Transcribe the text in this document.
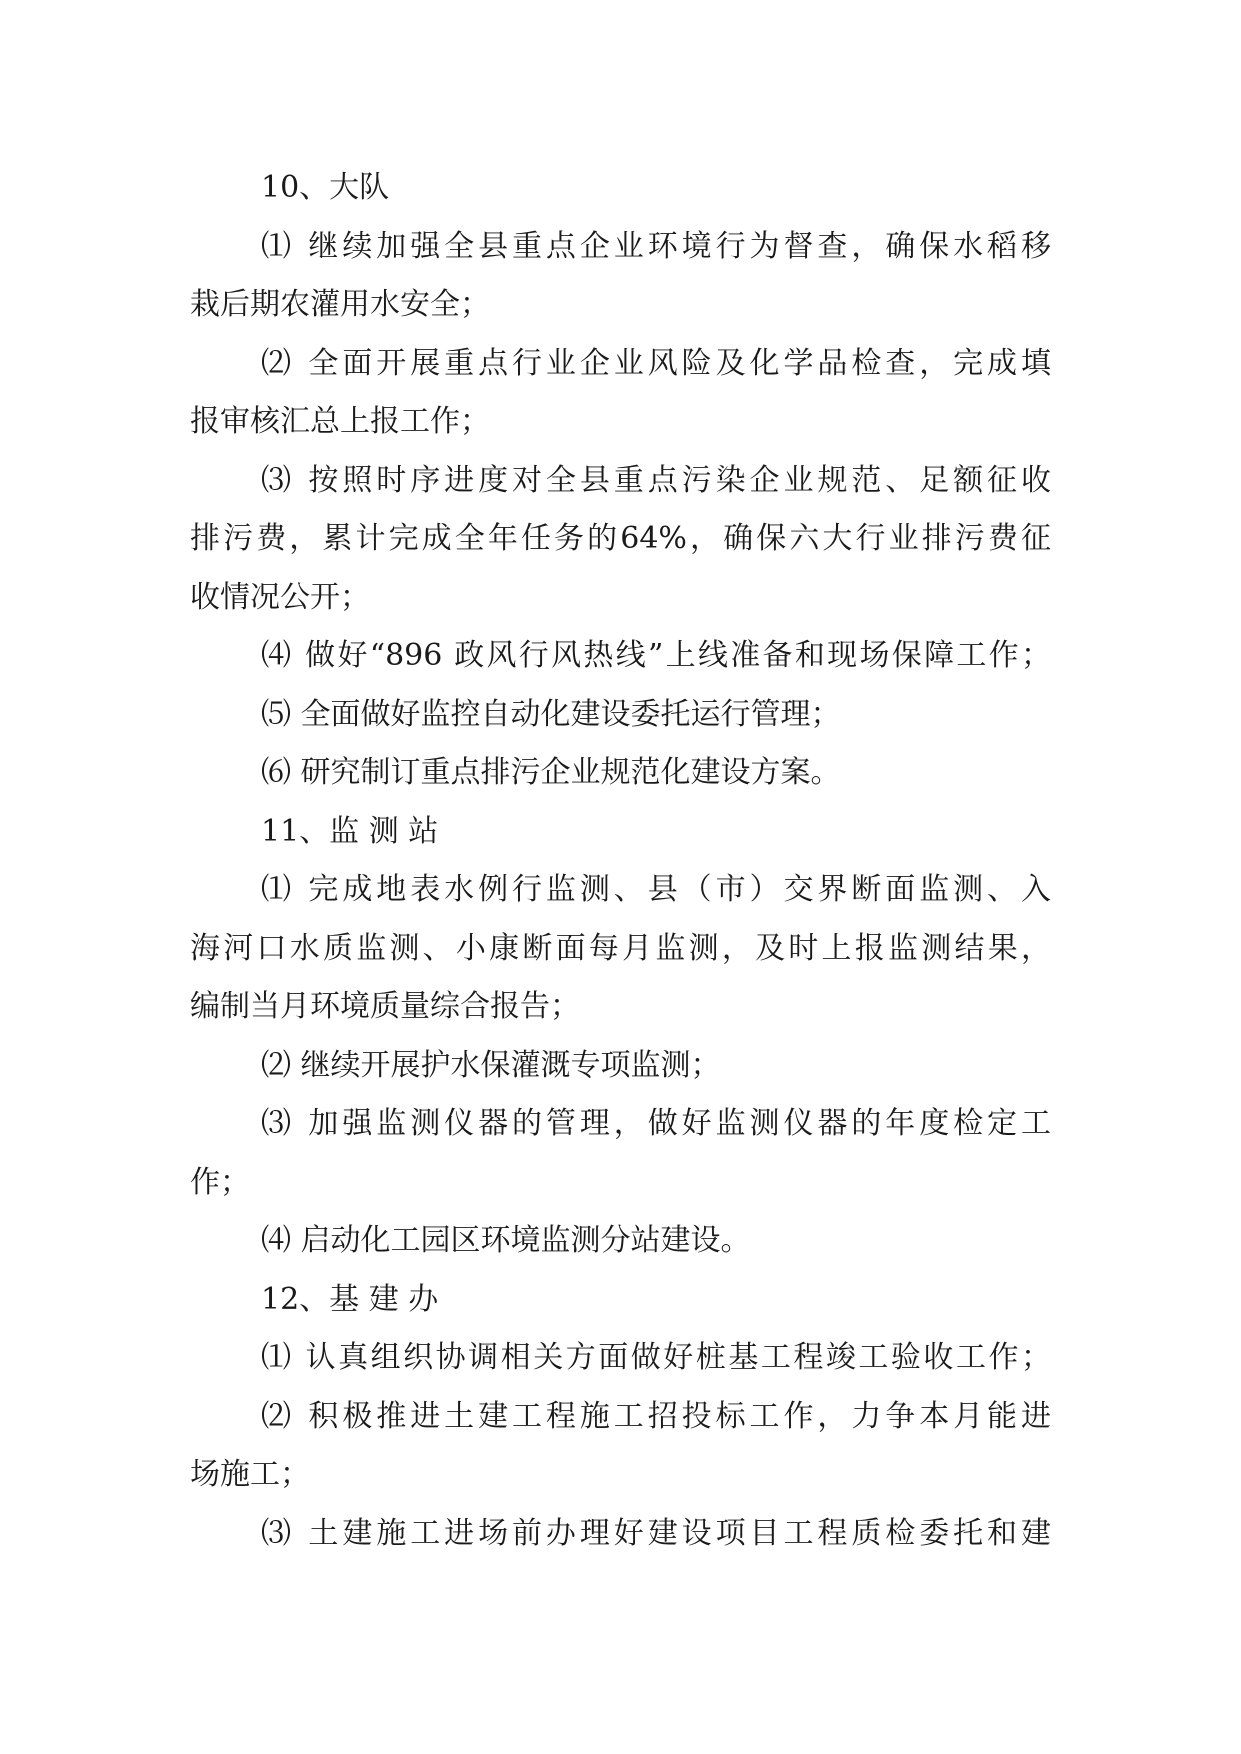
10、大队
⑴ 继续加强全县重点企业环境行为督查，确保水稻移
栽后期农灌用水安全；
⑵ 全面开展重点行业企业风险及化学品检查，完成填
报审核汇总上报工作；
⑶ 按照时序进度对全县重点污染企业规范、足额征收
排污费，累计完成全年任务的64%，确保六大行业排污费征
收情况公开；
⑷ 做好“896 政风行风热线”上线准备和现场保障工作；
⑸ 全面做好监控自动化建设委托运行管理；
⑹ 研究制订重点排污企业规范化建设方案。
11、监 测 站
⑴ 完成地表水例行监测、县（市）交界断面监测、入
海河口水质监测、小康断面每月监测，及时上报监测结果，
编制当月环境质量综合报告；
⑵ 继续开展护水保灌溉专项监测；
⑶ 加强监测仪器的管理，做好监测仪器的年度检定工
作；
⑷ 启动化工园区环境监测分站建设。
12、基 建 办
⑴ 认真组织协调相关方面做好桩基工程竣工验收工作；
⑵ 积极推进土建工程施工招投标工作，力争本月能进
场施工；
⑶ 土建施工进场前办理好建设项目工程质检委托和建
